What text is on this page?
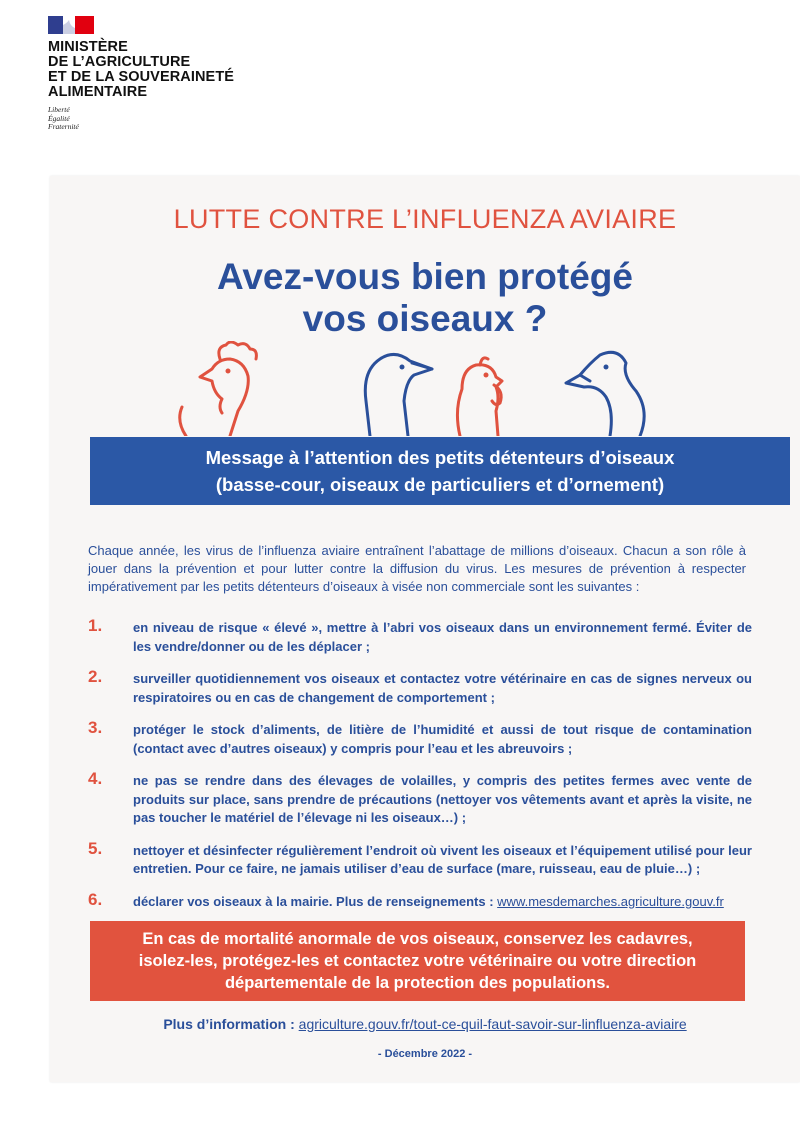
MINISTÈRE
DE L’AGRICULTURE
ET DE LA SOUVERAINETÉ
ALIMENTAIRE
Liberté
Égalité
Fraternité
LUTTE CONTRE L’INFLUENZA AVIAIRE
Avez-vous bien protégé
vos oiseaux ?
Message à l’attention des petits détenteurs d’oiseaux
(basse-cour, oiseaux de particuliers et d’ornement)
Chaque année, les virus de l’influenza aviaire entraînent l’abattage de millions d’oiseaux. Chacun a son rôle à jouer dans la prévention et pour lutter contre la diffusion du virus. Les mesures de prévention à respecter impérativement par les petits détenteurs d’oiseaux à visée non commerciale sont les suivantes :
1. en niveau de risque « élevé », mettre à l’abri vos oiseaux dans un environnement fermé. Éviter de les vendre/donner ou de les déplacer ;
2. surveiller quotidiennement vos oiseaux et contactez votre vétérinaire en cas de signes nerveux ou respiratoires ou en cas de changement de comportement ;
3. protéger le stock d’aliments, de litière de l’humidité et aussi de tout risque de contamination (contact avec d’autres oiseaux) y compris pour l’eau et les abreuvoirs ;
4. ne pas se rendre dans des élevages de volailles, y compris des petites fermes avec vente de produits sur place, sans prendre de précautions (nettoyer vos vêtements avant et après la visite, ne pas toucher le matériel de l’élevage ni les oiseaux…) ;
5. nettoyer et désinfecter régulièrement l’endroit où vivent les oiseaux et l’équipement utilisé pour leur entretien. Pour ce faire, ne jamais utiliser d’eau de surface (mare, ruisseau, eau de pluie…) ;
6. déclarer vos oiseaux à la mairie. Plus de renseignements : www.mesdemarches.agriculture.gouv.fr
En cas de mortalité anormale de vos oiseaux, conservez les cadavres,
isolez-les, protégez-les et contactez votre vétérinaire ou votre direction
départementale de la protection des populations.
Plus d’information : agriculture.gouv.fr/tout-ce-quil-faut-savoir-sur-linfluenza-aviaire
- Décembre 2022 -
